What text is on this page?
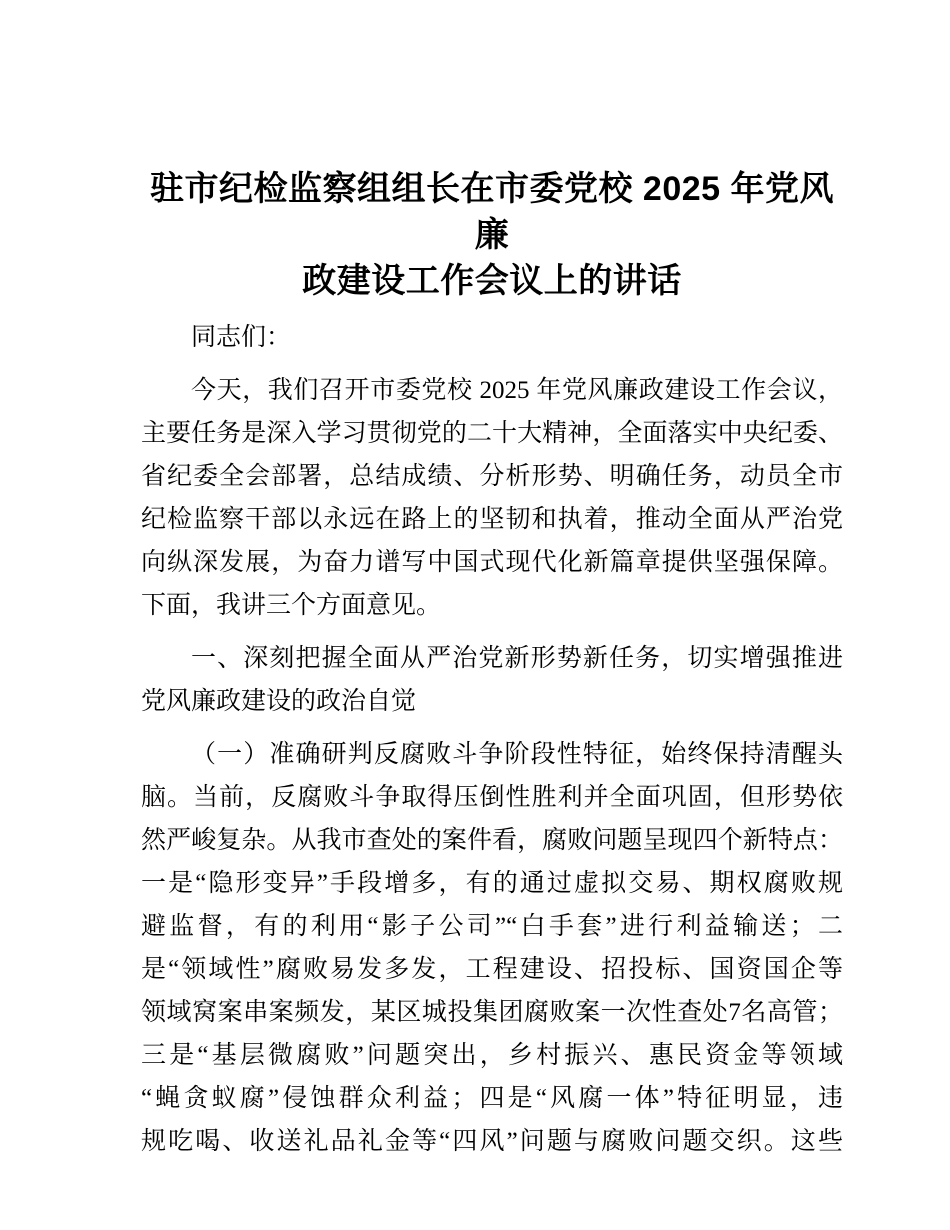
驻市纪检监察组组长在市委党校 2025 年党风廉
政建设工作会议上的讲话
同志们：
今天，我们召开市委党校 2025 年党风廉政建设工作会议，
主要任务是深入学习贯彻党的二十大精神，全面落实中央纪委、
省纪委全会部署，总结成绩、分析形势、明确任务，动员全市
纪检监察干部以永远在路上的坚韧和执着，推动全面从严治党
向纵深发展，为奋力谱写中国式现代化新篇章提供坚强保障。
下面，我讲三个方面意见。
一、深刻把握全面从严治党新形势新任务，切实增强推进
党风廉政建设的政治自觉
（一）准确研判反腐败斗争阶段性特征，始终保持清醒头
脑。当前，反腐败斗争取得压倒性胜利并全面巩固，但形势依
然严峻复杂。从我市查处的案件看，腐败问题呈现四个新特点：
一是“隐形变异”手段增多，有的通过虚拟交易、期权腐败规
避监督，有的利用“影子公司”“白手套”进行利益输送；二
是“领域性”腐败易发多发，工程建设、招投标、国资国企等
领域窝案串案频发，某区城投集团腐败案一次性查处7名高管；
三是“基层微腐败”问题突出，乡村振兴、惠民资金等领域
“蝇贪蚁腐”侵蚀群众利益；四是“风腐一体”特征明显，违
规吃喝、收送礼品礼金等“四风”问题与腐败问题交织。这些
